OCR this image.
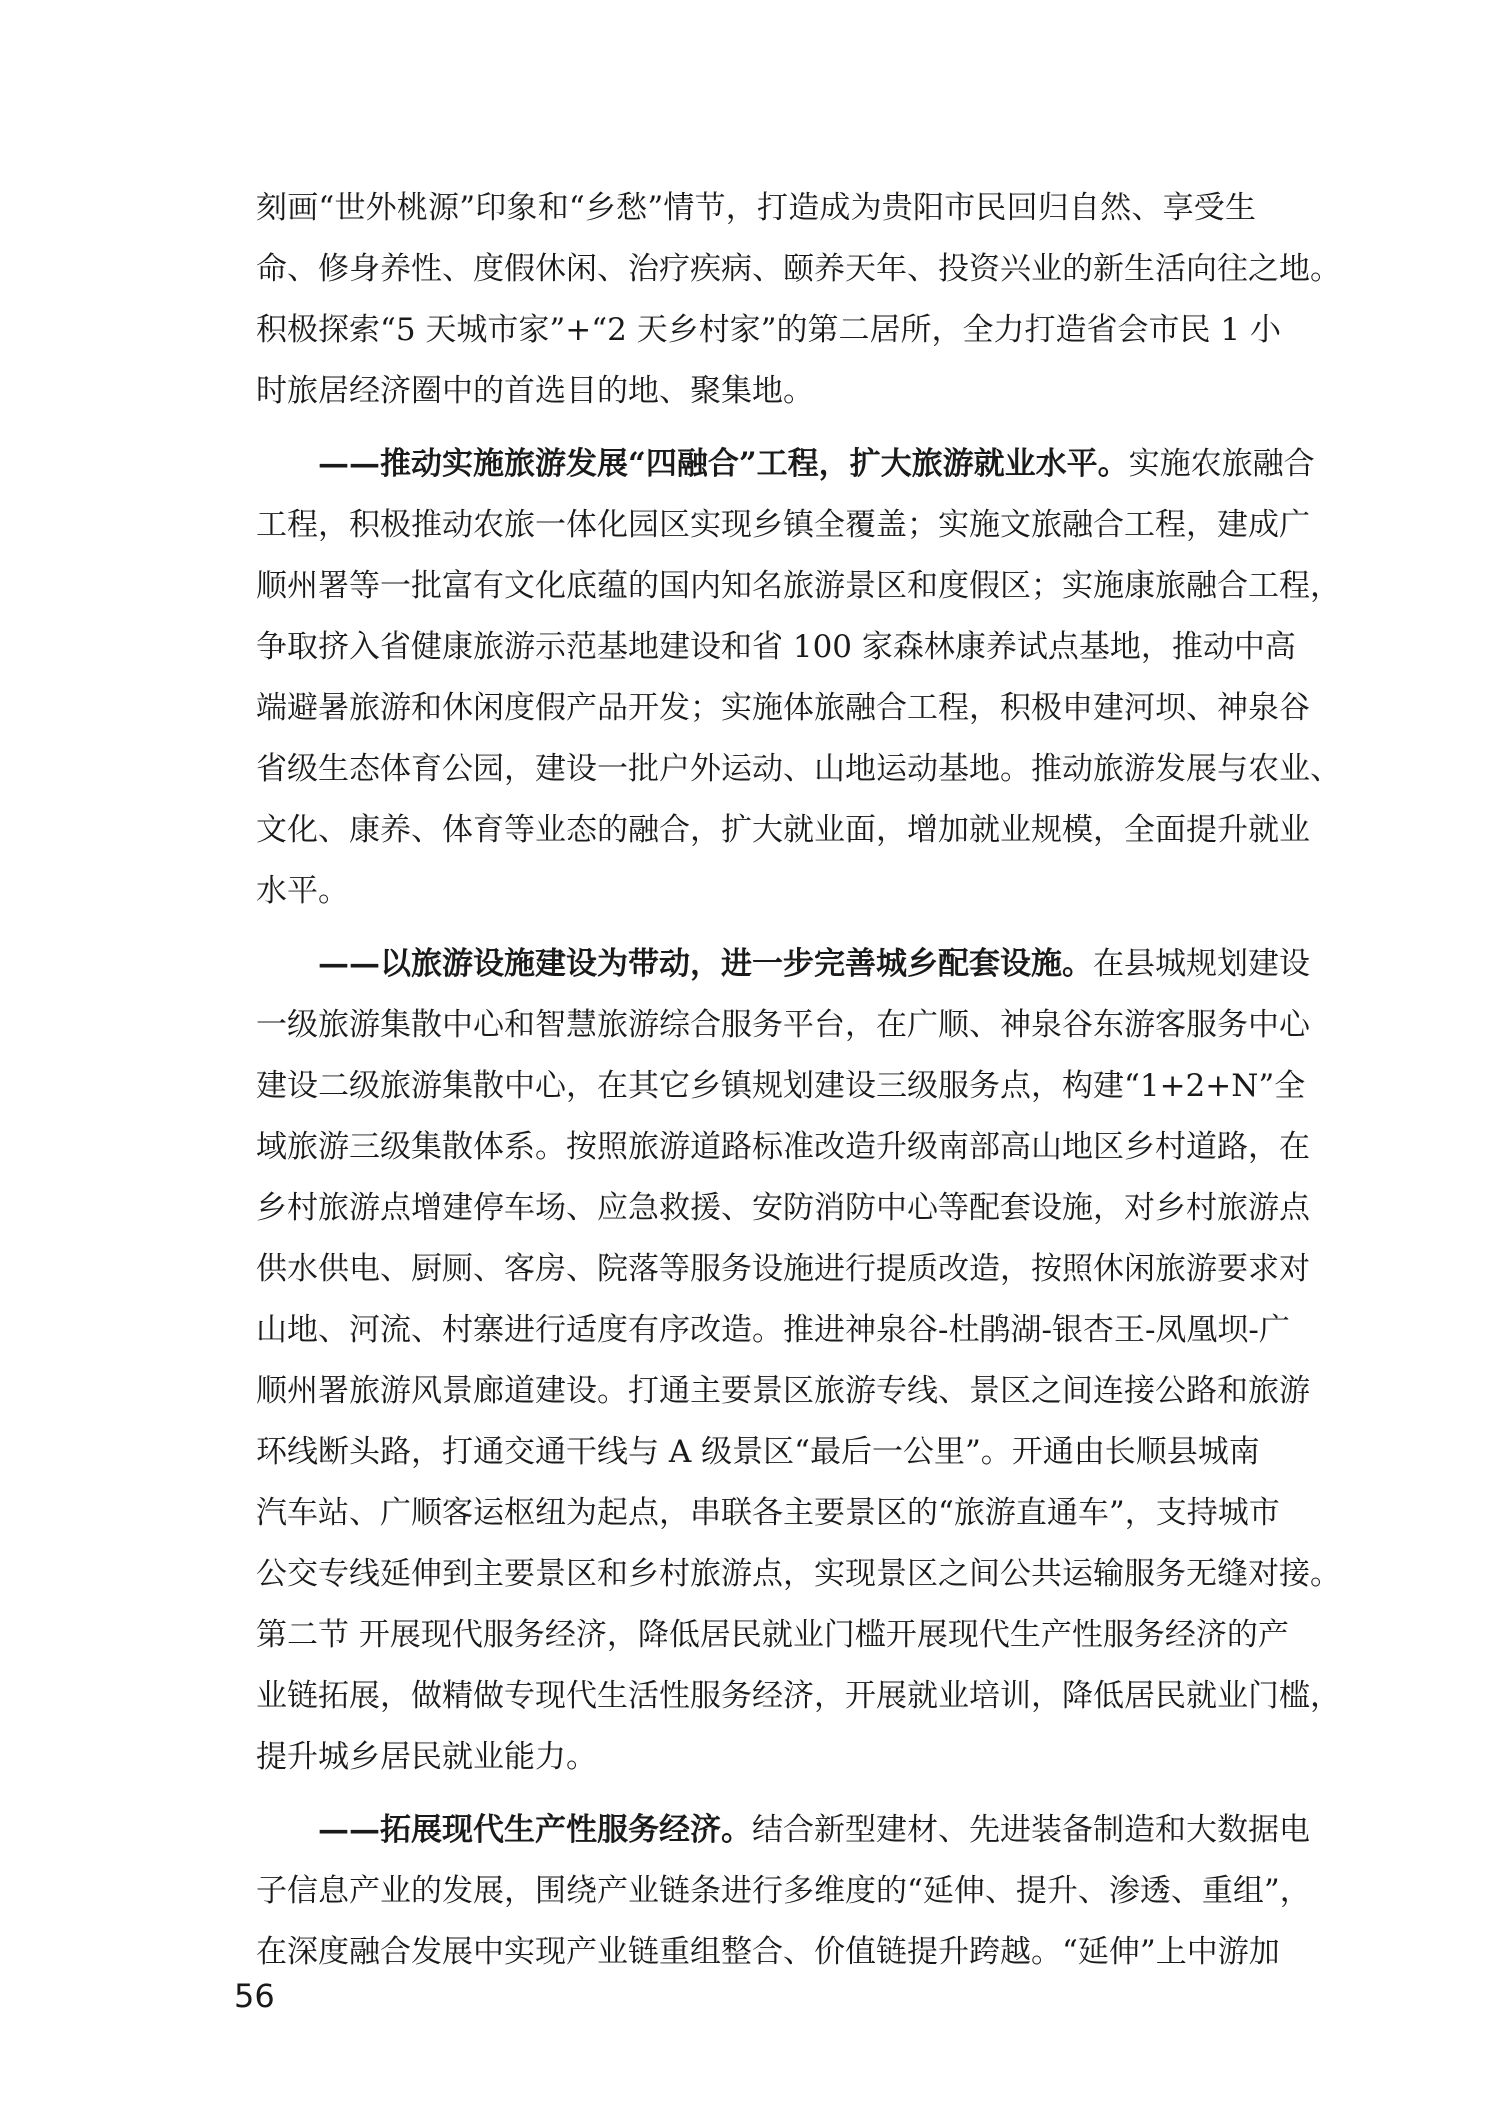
刻画“世外桃源”印象和“乡愁”情节，打造成为贵阳市民回归自然、享受生
命、修身养性、度假休闲、治疗疾病、颐养天年、投资兴业的新生活向往之地。
积极探索“5 天城市家”+“2 天乡村家”的第二居所，全力打造省会市民 1 小
时旅居经济圈中的首选目的地、聚集地。
——推动实施旅游发展“四融合”工程，扩大旅游就业水平。实施农旅融合
工程，积极推动农旅一体化园区实现乡镇全覆盖；实施文旅融合工程，建成广
顺州署等一批富有文化底蕴的国内知名旅游景区和度假区；实施康旅融合工程，
争取挤入省健康旅游示范基地建设和省 100 家森林康养试点基地，推动中高
端避暑旅游和休闲度假产品开发；实施体旅融合工程，积极申建河坝、神泉谷
省级生态体育公园，建设一批户外运动、山地运动基地。推动旅游发展与农业、
文化、康养、体育等业态的融合，扩大就业面，增加就业规模，全面提升就业
水平。
——以旅游设施建设为带动，进一步完善城乡配套设施。在县城规划建设
一级旅游集散中心和智慧旅游综合服务平台，在广顺、神泉谷东游客服务中心
建设二级旅游集散中心，在其它乡镇规划建设三级服务点，构建“1+2+N”全
域旅游三级集散体系。按照旅游道路标准改造升级南部高山地区乡村道路，在
乡村旅游点增建停车场、应急救援、安防消防中心等配套设施，对乡村旅游点
供水供电、厨厕、客房、院落等服务设施进行提质改造，按照休闲旅游要求对
山地、河流、村寨进行适度有序改造。推进神泉谷-杜鹃湖-银杏王-凤凰坝-广
顺州署旅游风景廊道建设。打通主要景区旅游专线、景区之间连接公路和旅游
环线断头路，打通交通干线与 A 级景区“最后一公里”。开通由长顺县城南
汽车站、广顺客运枢纽为起点，串联各主要景区的“旅游直通车”，支持城市
公交专线延伸到主要景区和乡村旅游点，实现景区之间公共运输服务无缝对接。
第二节 开展现代服务经济，降低居民就业门槛开展现代生产性服务经济的产
业链拓展，做精做专现代生活性服务经济，开展就业培训，降低居民就业门槛，
提升城乡居民就业能力。
——拓展现代生产性服务经济。结合新型建材、先进装备制造和大数据电
子信息产业的发展，围绕产业链条进行多维度的“延伸、提升、渗透、重组”，
在深度融合发展中实现产业链重组整合、价值链提升跨越。“延伸”上中游加
56
